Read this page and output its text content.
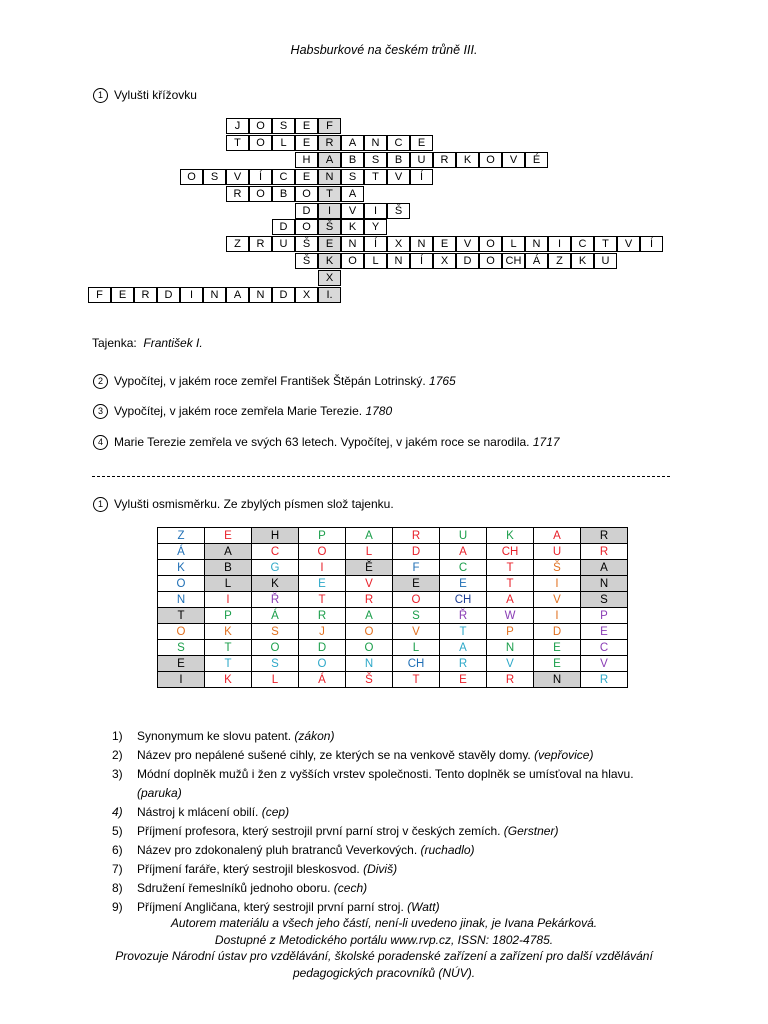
Habsburkové na českém trůně III.
1 Vylušti křížovku
J	O	S	E	F
T	O	L	E	R	A	N	C	E
H	A	B	S	B	U	R	K	O	V	É
O	S	V	Í	C	E	N	S	T	V	Í
R	O	B	O	T	A
D	I	V	I	Š
D	O	Š	K	Y
Z	R	U	Š	E	N	Í	X	N	E	V	O	L	N	I	C	T	V	Í
Š	K	O	L	N	Í	X	D	O CH	Á	Z	K	U
X
F	E	R	D	I	N	A	N	D	X	I.
Tajenka: František I.
2 Vypočítej, v jakém roce zemřel František Štěpán Lotrinský. 1765
3 Vypočítej, v jakém roce zemřela Marie Terezie. 1780
4 Marie Terezie zemřela ve svých 63 letech. Vypočítej, v jakém roce se narodila. 1717
1 Vylušti osmisměrku. Ze zbylých písmen slož tajenku.
Z	E	H	P	A	R	U	K	A	R
Á	A	C	O	L	D	A	CH	U	R
K	B	G	I	Ě	F	C	T	Š	A
O	L	K	E	V	E	E	T	I	N
N	I	Ř	T	R	O	CH	A	V	S
T	P	Á	R	A	S	Ř	W	I	P
O	K	S	J	O	V	T	P	D	E
S	T	O	D	O	L	A	N	E	C
E	T	S	O	N	CH	R	V	E	V
I	K	L	Á	Š	T	E	R	N	R
1) Synonymum ke slovu patent. (zákon)
2) Název pro nepálené sušené cihly, ze kterých se na venkově stavěly domy. (vepřovice)
3) Módní doplněk mužů i žen z vyšších vrstev společnosti. Tento doplněk se umísťoval na hlavu. (paruka)
4) Nástroj k mlácení obilí. (cep)
5) Příjmení profesora, který sestrojil první parní stroj v českých zemích. (Gerstner)
6) Název pro zdokonalený pluh bratranců Veverkových. (ruchadlo)
7) Příjmení faráře, který sestrojil bleskosvod. (Diviš)
8) Sdružení řemeslníků jednoho oboru. (cech)
9) Příjmení Angličana, který sestrojil první parní stroj. (Watt)
Autorem materiálu a všech jeho částí, není-li uvedeno jinak, je Ivana Pekárková.
Dostupné z Metodického portálu www.rvp.cz, ISSN: 1802-4785.
Provozuje Národní ústav pro vzdělávání, školské poradenské zařízení a zařízení pro další vzdělávání
pedagogických pracovníků (NÚV).
